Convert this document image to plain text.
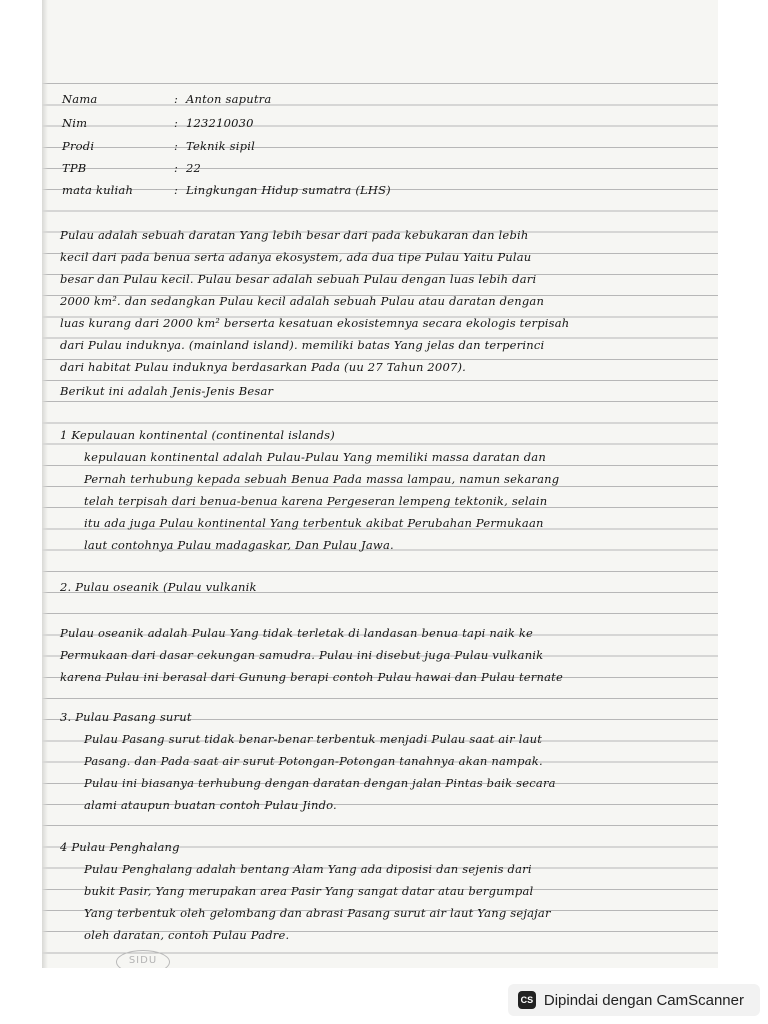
Nama	: Anton saputra
Nim	: 123210030
Prodi	: Teknik sipil
TPB	: 22
mata kuliah	: Lingkungan Hidup sumatra (LHS)
Pulau adalah sebuah daratan Yang lebih besar dari pada kebukaran dan lebih
kecil dari pada benua serta adanya ekosystem, ada dua tipe Pulau Yaitu Pulau
besar dan Pulau kecil. Pulau besar adalah sebuah Pulau dengan luas lebih dari
2000 km². dan sedangkan Pulau kecil adalah sebuah Pulau atau daratan dengan
luas kurang dari 2000 km² berserta kesatuan ekosistemnya secara ekologis terpisah
dari Pulau induknya. (mainland island). memiliki batas Yang jelas dan terperinci
dari habitat Pulau induknya berdasarkan Pada (uu 27 Tahun 2007).
Berikut ini adalah Jenis-Jenis Besar
1 Kepulauan kontinental (continental islands)
kepulauan kontinental adalah Pulau-Pulau Yang memiliki massa daratan dan
Pernah terhubung kepada sebuah Benua Pada massa lampau, namun sekarang
telah terpisah dari benua-benua karena Pergeseran lempeng tektonik, selain
itu ada juga Pulau kontinental Yang terbentuk akibat Perubahan Permukaan
laut contohnya Pulau madagaskar, Dan Pulau Jawa.
2. Pulau oseanik (Pulau vulkanik
Pulau oseanik adalah Pulau Yang tidak terletak di landasan benua tapi naik ke
Permukaan dari dasar cekungan samudra. Pulau ini disebut juga Pulau vulkanik
karena Pulau ini berasal dari Gunung berapi contoh Pulau hawai dan Pulau ternate
3. Pulau Pasang surut
Pulau Pasang surut tidak benar-benar terbentuk menjadi Pulau saat air laut
Pasang. dan Pada saat air surut Potongan-Potongan tanahnya akan nampak.
Pulau ini biasanya terhubung dengan daratan dengan jalan Pintas baik secara
alami ataupun buatan contoh Pulau Jindo.
4 Pulau Penghalang
Pulau Penghalang adalah bentang Alam Yang ada diposisi dan sejenis dari
bukit Pasir, Yang merupakan area Pasir Yang sangat datar atau bergumpal
Yang terbentuk oleh gelombang dan abrasi Pasang surut air laut Yang sejajar
oleh daratan, contoh Pulau Padre.
SIDU
CS Dipindai dengan CamScanner
